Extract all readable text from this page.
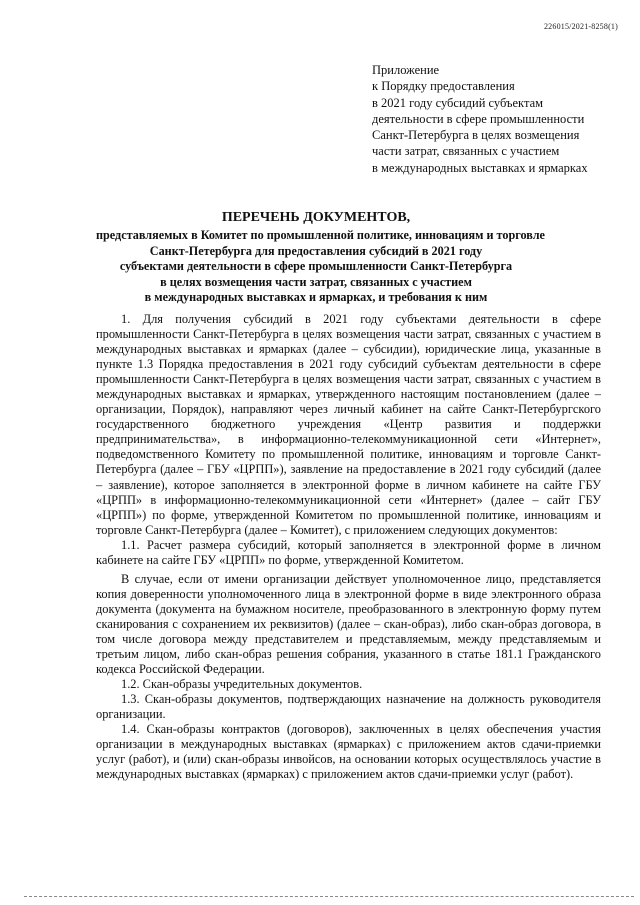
226015/2021-8258(1)
Приложение
к Порядку предоставления
в 2021 году субсидий субъектам
деятельности в сфере промышленности
Санкт-Петербурга в целях возмещения
части затрат, связанных с участием
в международных выставках и ярмарках
ПЕРЕЧЕНЬ ДОКУМЕНТОВ,
представляемых в Комитет по промышленной политике, инновациям и торговле
Санкт-Петербурга для предоставления субсидий в 2021 году
субъектами деятельности в сфере промышленности Санкт-Петербурга
в целях возмещения части затрат, связанных с участием
в международных выставках и ярмарках, и требования к ним

1. Для получения субсидий в 2021 году субъектами деятельности в сфере промышленности Санкт-Петербурга в целях возмещения части затрат, связанных с участием в международных выставках и ярмарках (далее – субсидии), юридические лица, указанные в пункте 1.3 Порядка предоставления в 2021 году субсидий субъектам деятельности в сфере промышленности Санкт-Петербурга в целях возмещения части затрат, связанных с участием в международных выставках и ярмарках, утвержденного настоящим постановлением (далее – организации, Порядок), направляют через личный кабинет на сайте Санкт-Петербургского государственного бюджетного учреждения «Центр развития и поддержки предпринимательства», в информационно-телекоммуникационной сети «Интернет», подведомственного Комитету по промышленной политике, инновациям и торговле Санкт-Петербурга (далее – ГБУ «ЦРПП»), заявление на предоставление в 2021 году субсидий (далее – заявление), которое заполняется в электронной форме в личном кабинете на сайте ГБУ «ЦРПП» в информационно-телекоммуникационной сети «Интернет» (далее – сайт ГБУ «ЦРПП») по форме, утвержденной Комитетом по промышленной политике, инновациям и торговле Санкт-Петербурга (далее – Комитет), с приложением следующих документов:

1.1. Расчет размера субсидий, который заполняется в электронной форме в личном кабинете на сайте ГБУ «ЦРПП» по форме, утвержденной Комитетом.

В случае, если от имени организации действует уполномоченное лицо, представляется копия доверенности уполномоченного лица в электронной форме в виде электронного образа документа (документа на бумажном носителе, преобразованного в электронную форму путем сканирования с сохранением их реквизитов) (далее – скан-образ), либо скан-образ договора, в том числе договора между представителем и представляемым, между представляемым и третьим лицом, либо скан-образ решения собрания, указанного в статье 181.1 Гражданского кодекса Российской Федерации.

1.2. Скан-образы учредительных документов.

1.3. Скан-образы документов, подтверждающих назначение на должность руководителя организации.

1.4. Скан-образы контрактов (договоров), заключенных в целях обеспечения участия организации в международных выставках (ярмарках) с приложением актов сдачи-приемки услуг (работ), и (или) скан-образы инвойсов, на основании которых осуществлялось участие в международных выставках (ярмарках) с приложением актов сдачи-приемки услуг (работ).
